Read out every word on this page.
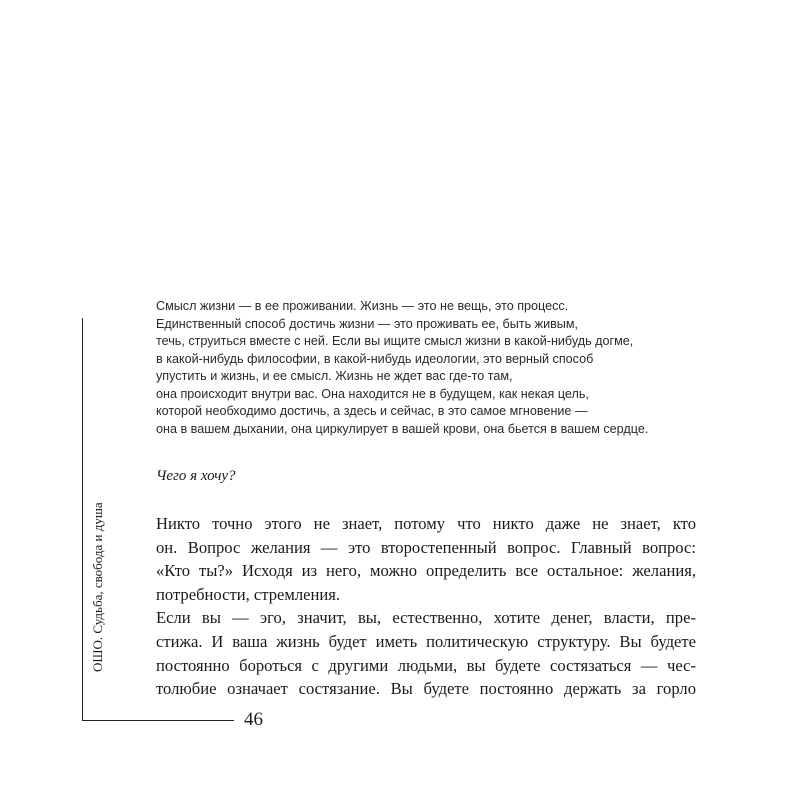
Смысл жизни — в ее проживании. Жизнь — это не вещь, это процесс.
Единственный способ достичь жизни — это проживать ее, быть живым,
течь, струиться вместе с ней. Если вы ищите смысл жизни в какой-нибудь догме,
в какой-нибудь философии, в какой-нибудь идеологии, это верный способ
упустить и жизнь, и ее смысл. Жизнь не ждет вас где-то там,
она происходит внутри вас. Она находится не в будущем, как некая цель,
которой необходимо достичь, а здесь и сейчас, в это самое мгновение —
она в вашем дыхании, она циркулирует в вашей крови, она бьется в вашем сердце.
Чего я хочу?
Никто точно этого не знает, потому что никто даже не знает, кто
он. Вопрос желания — это второстепенный вопрос. Главный вопрос:
«Кто ты?» Исходя из него, можно определить все остальное: желания,
потребности, стремления.
Если вы — эго, значит, вы, естественно, хотите денег, власти, пре-
стижа. И ваша жизнь будет иметь политическую структуру. Вы будете
постоянно бороться с другими людьми, вы будете состязаться — чес-
толюбие означает состязание. Вы будете постоянно держать за горло
ОШО. Судьба, свобода и душа
46
